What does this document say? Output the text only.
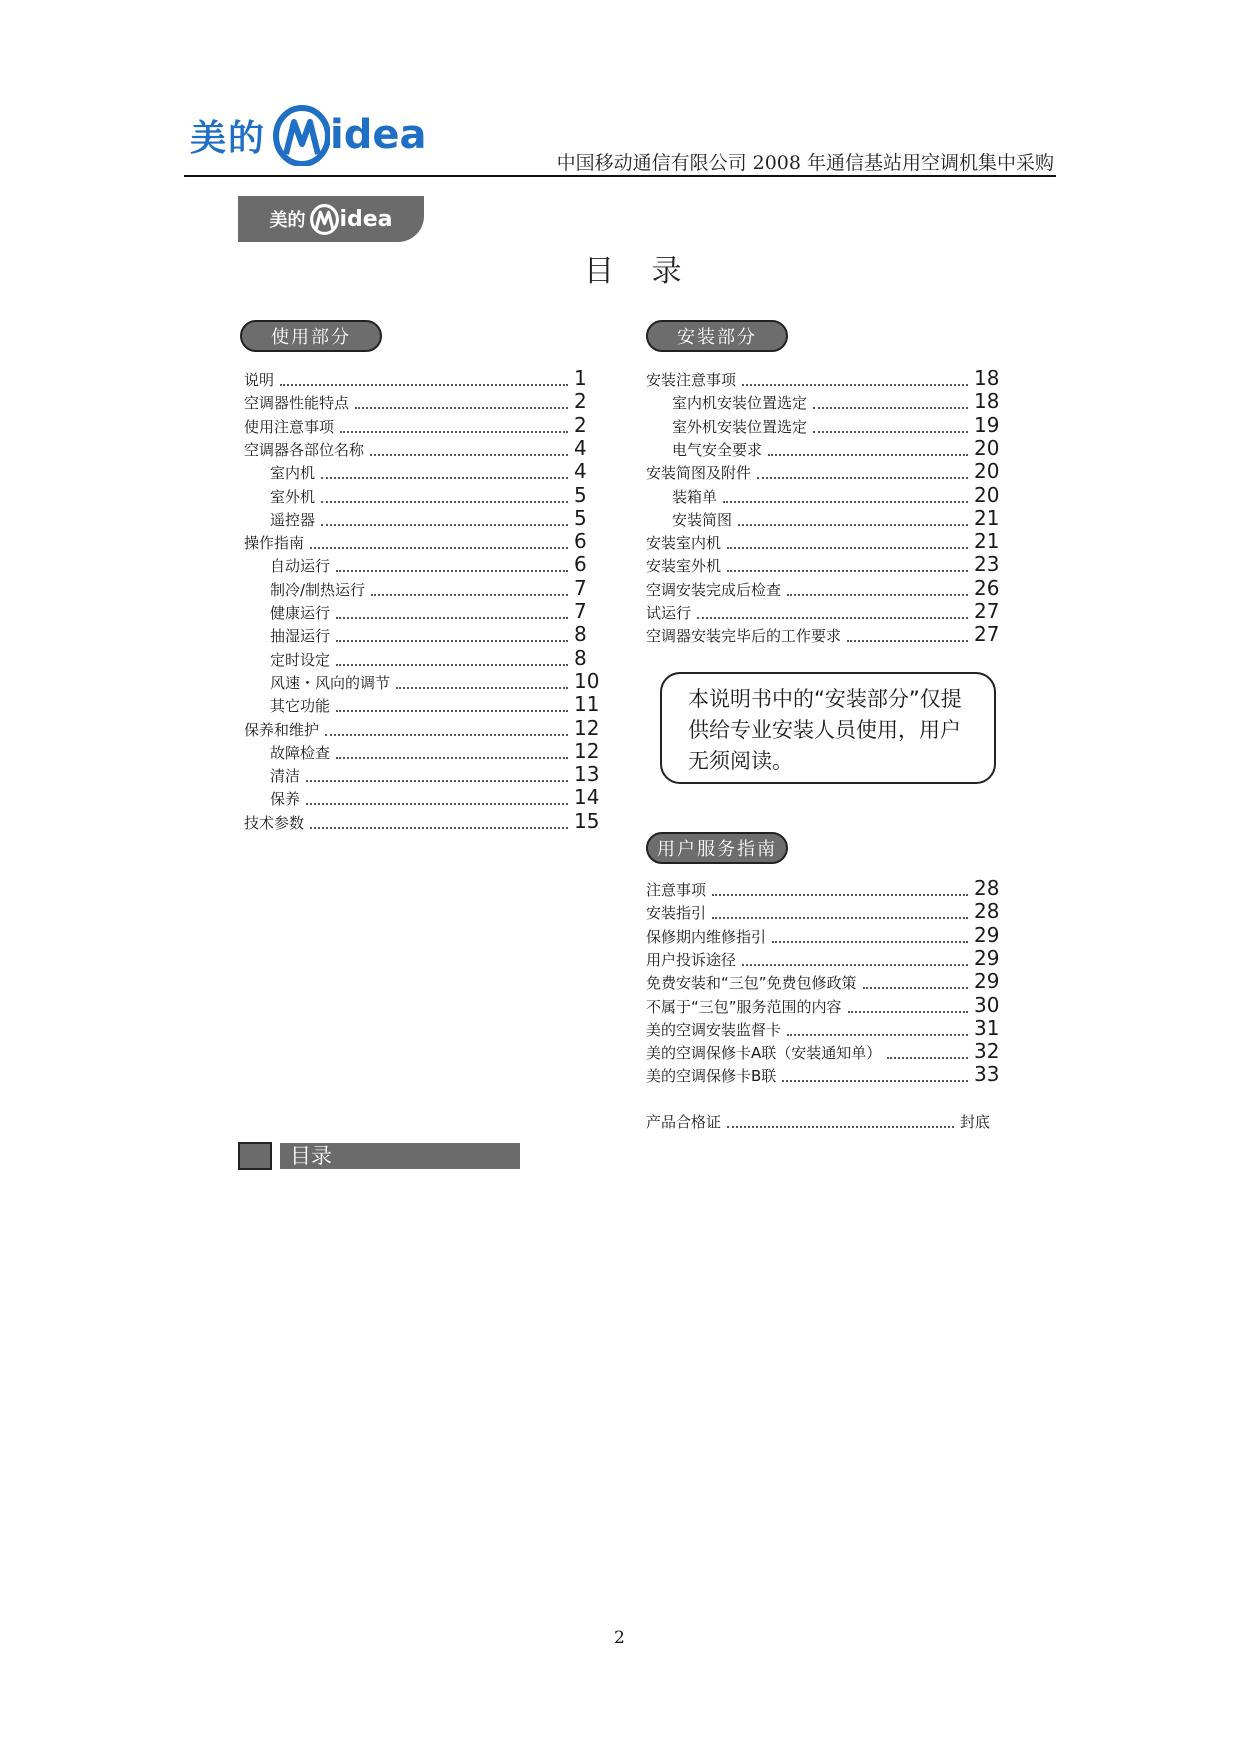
美的 idea
中国移动通信有限公司 2008 年通信基站用空调机集中采购
美的 idea
目 录
使用部分	安装部分
用户服务指南
说明	1
空调器性能特点	2
使用注意事项	2
空调器各部位名称	4
室内机	4
室外机	5
遥控器	5
操作指南	6
自动运行	6
制冷/制热运行	7
健康运行	7
抽湿运行	8
定时设定	8
风速・风向的调节	10
其它功能	11
保养和维护	12
故障检查	12
清洁	13
保养	14
技术参数	15
安装注意事项	18
室内机安装位置选定	18
室外机安装位置选定	19
电气安全要求	20
安装简图及附件	20
装箱单	20
安装简图	21
安装室内机	21
安装室外机	23
空调安装完成后检查	26
试运行	27
空调器安装完毕后的工作要求	27
注意事项	28
安装指引	28
保修期内维修指引	29
用户投诉途径	29
免费安装和“三包”免费包修政策	29
不属于“三包”服务范围的内容	30
美的空调安装监督卡	31
美的空调保修卡A联（安装通知单）	32
美的空调保修卡B联	33
本说明书中的“安装部分”仅提供给专业安装人员使用，用户无须阅读。
产品合格证	封底
目录
2
